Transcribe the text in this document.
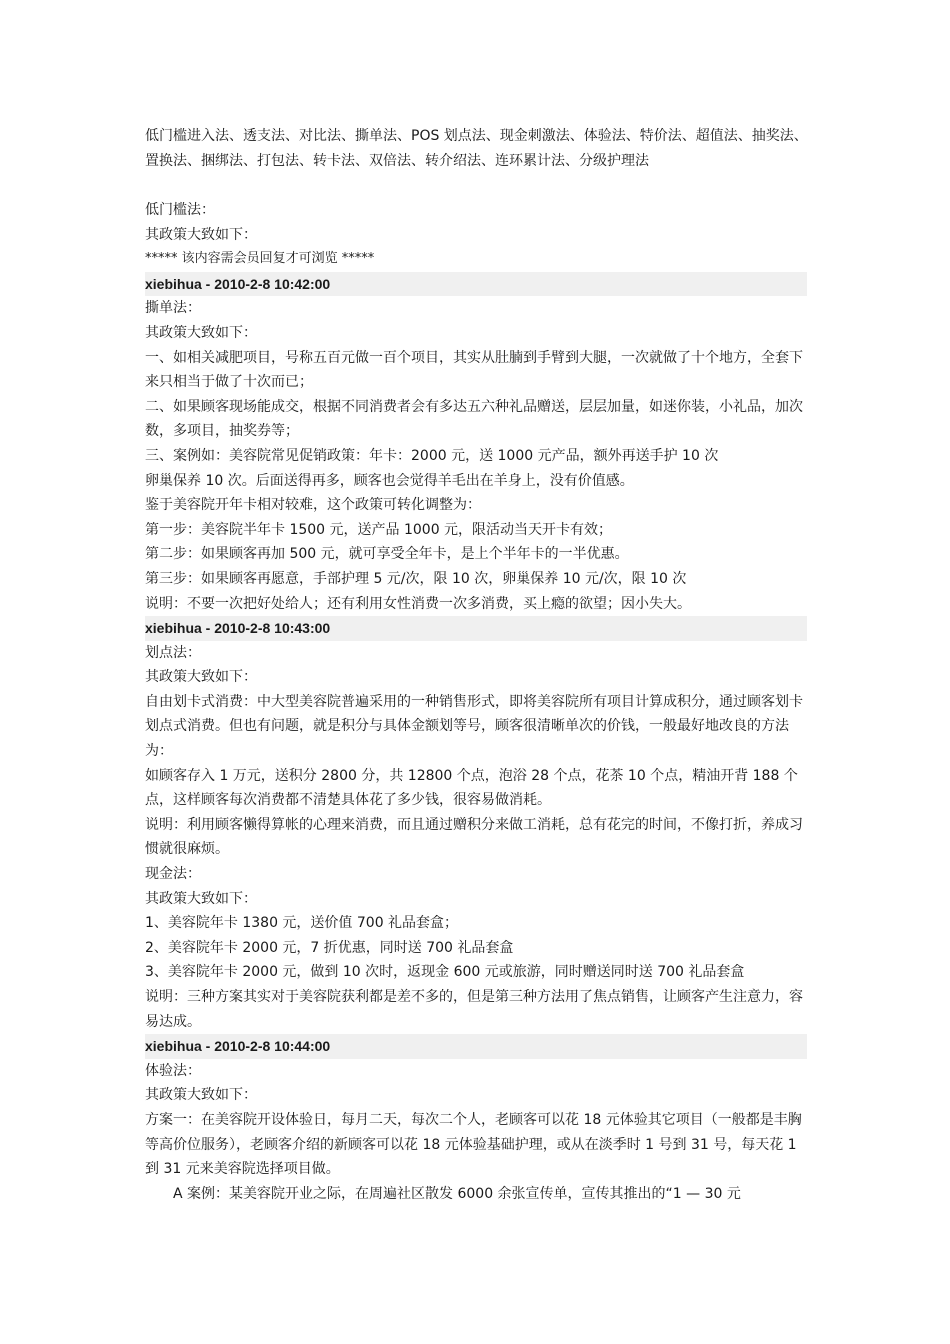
低门槛进入法、透支法、对比法、撕单法、POS 划点法、现金刺激法、体验法、特价法、超值法、抽奖法、置换法、捆绑法、打包法、转卡法、双倍法、转介绍法、连环累计法、分级护理法

低门槛法：

其政策大致如下：

***** 该内容需会员回复才可浏览 *****

xiebihua - 2010-2-8 10:42:00

撕单法：

其政策大致如下：

一、如相关减肥项目，号称五百元做一百个项目，其实从肚腩到手臂到大腿，一次就做了十个地方，全套下来只相当于做了十次而已；

二、如果顾客现场能成交，根据不同消费者会有多达五六种礼品赠送，层层加量，如迷你装，小礼品，加次数，多项目，抽奖券等；

三、案例如：美容院常见促销政策：年卡：2000 元，送 1000 元产品，额外再送手护 10 次

卵巢保养 10 次。后面送得再多，顾客也会觉得羊毛出在羊身上，没有价值感。

鉴于美容院开年卡相对较难，这个政策可转化调整为：

第一步：美容院半年卡 1500 元，送产品 1000 元，限活动当天开卡有效；

第二步：如果顾客再加 500 元，就可享受全年卡，是上个半年卡的一半优惠。

第三步：如果顾客再愿意，手部护理 5 元/次，限 10 次，卵巢保养 10 元/次，限 10 次

说明：不要一次把好处给人；还有利用女性消费一次多消费，买上瘾的欲望；因小失大。

xiebihua - 2010-2-8 10:43:00

划点法：

其政策大致如下：

自由划卡式消费：中大型美容院普遍采用的一种销售形式，即将美容院所有项目计算成积分，通过顾客划卡划点式消费。但也有问题，就是积分与具体金额划等号，顾客很清晰单次的价钱，一般最好地改良的方法为：

如顾客存入 1 万元，送积分 2800 分，共 12800 个点，泡浴 28 个点，花茶 10 个点，精油开背 188 个点，这样顾客每次消费都不清楚具体花了多少钱，很容易做消耗。

说明：利用顾客懒得算帐的心理来消费，而且通过赠积分来做工消耗，总有花完的时间，不像打折，养成习惯就很麻烦。

现金法：

其政策大致如下：

1、美容院年卡 1380 元，送价值 700 礼品套盒；

2、美容院年卡 2000 元，7 折优惠，同时送 700 礼品套盒

3、美容院年卡 2000 元，做到 10 次时，返现金 600 元或旅游，同时赠送同时送 700 礼品套盒

说明：三种方案其实对于美容院获利都是差不多的，但是第三种方法用了焦点销售，让顾客产生注意力，容易达成。

xiebihua - 2010-2-8 10:44:00

体验法：

其政策大致如下：

方案一：在美容院开设体验日，每月二天，每次二个人，老顾客可以花 18 元体验其它项目（一般都是丰胸等高价位服务），老顾客介绍的新顾客可以花 18 元体验基础护理，或从在淡季时 1 号到 31 号，每天花 1 到 31 元来美容院选择项目做。

A 案例：某美容院开业之际，在周遍社区散发 6000 余张宣传单，宣传其推出的“1 — 30 元
